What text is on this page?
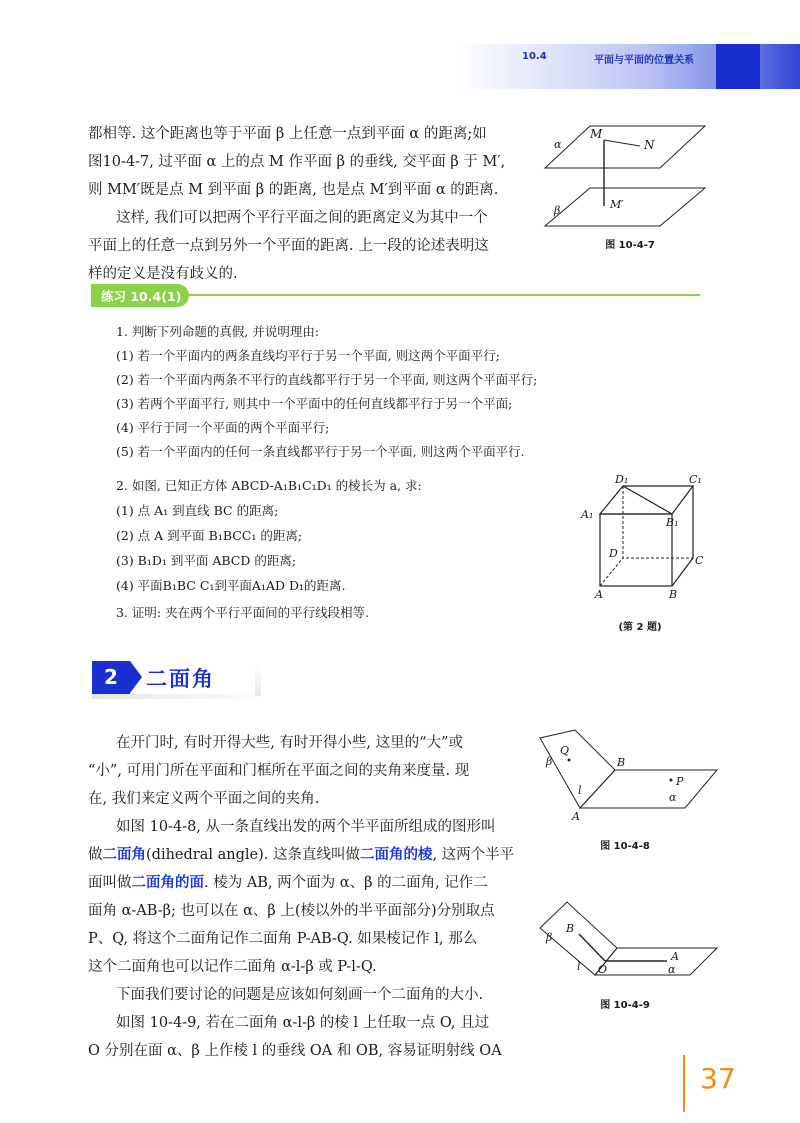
10.4	平面与平面的位置关系
都相等. 这个距离也等于平面 β 上任意一点到平面 α 的距离;如
图10-4-7, 过平面 α 上的点 M 作平面 β 的垂线, 交平面 β 于 M′,
则 MM′既是点 M 到平面 β 的距离, 也是点 M′到平面 α 的距离.
这样, 我们可以把两个平行平面之间的距离定义为其中一个
平面上的任意一点到另外一个平面的距离. 上一段的论述表明这
样的定义是没有歧义的.
α
M
N
β	M′
图 10-4-7
练习 10.4(1)
1. 判断下列命题的真假, 并说明理由:
(1) 若一个平面内的两条直线均平行于另一个平面, 则这两个平面平行;
(2) 若一个平面内两条不平行的直线都平行于另一个平面, 则这两个平面平行;
(3) 若两个平面平行, 则其中一个平面中的任何直线都平行于另一个平面;
(4) 平行于同一个平面的两个平面平行;
(5) 若一个平面内的任何一条直线都平行于另一个平面, 则这两个平面平行.
2. 如图, 已知正方体 ABCD-A₁B₁C₁D₁ 的棱长为 a, 求:
(1) 点 A₁ 到直线 BC 的距离;
(2) 点 A 到平面 B₁BCC₁ 的距离;
(3) B₁D₁ 到平面 ABCD 的距离;
(4) 平面B₁BC C₁到平面A₁AD D₁的距离.
3. 证明: 夹在两个平行平面间的平行线段相等.
D₁	C₁
A₁
B₁
D
C
A	B
(第 2 题)
2	二面角
在开门时, 有时开得大些, 有时开得小些, 这里的“大”或
“小”, 可用门所在平面和门框所在平面之间的夹角来度量. 现
在, 我们来定义两个平面之间的夹角.
如图 10-4-8, 从一条直线出发的两个半平面所组成的图形叫
做二面角(dihedral angle). 这条直线叫做二面角的棱, 这两个半平
面叫做二面角的面. 棱为 AB, 两个面为 α、β 的二面角, 记作二
面角 α-AB-β; 也可以在 α、β 上(棱以外的半平面部分)分别取点
P、Q, 将这个二面角记作二面角 P-AB-Q. 如果棱记作 l, 那么
这个二面角也可以记作二面角 α-l-β 或 P-l-Q.
下面我们要讨论的问题是应该如何刻画一个二面角的大小.
如图 10-4-9, 若在二面角 α-l-β 的棱 l 上任取一点 O, 且过
O 分别在面 α、β 上作棱 l 的垂线 OA 和 OB, 容易证明射线 OA
β
Q
B
P
l
α
A
图 10-4-8
β
B
l O
A
α
图 10-4-9
37
